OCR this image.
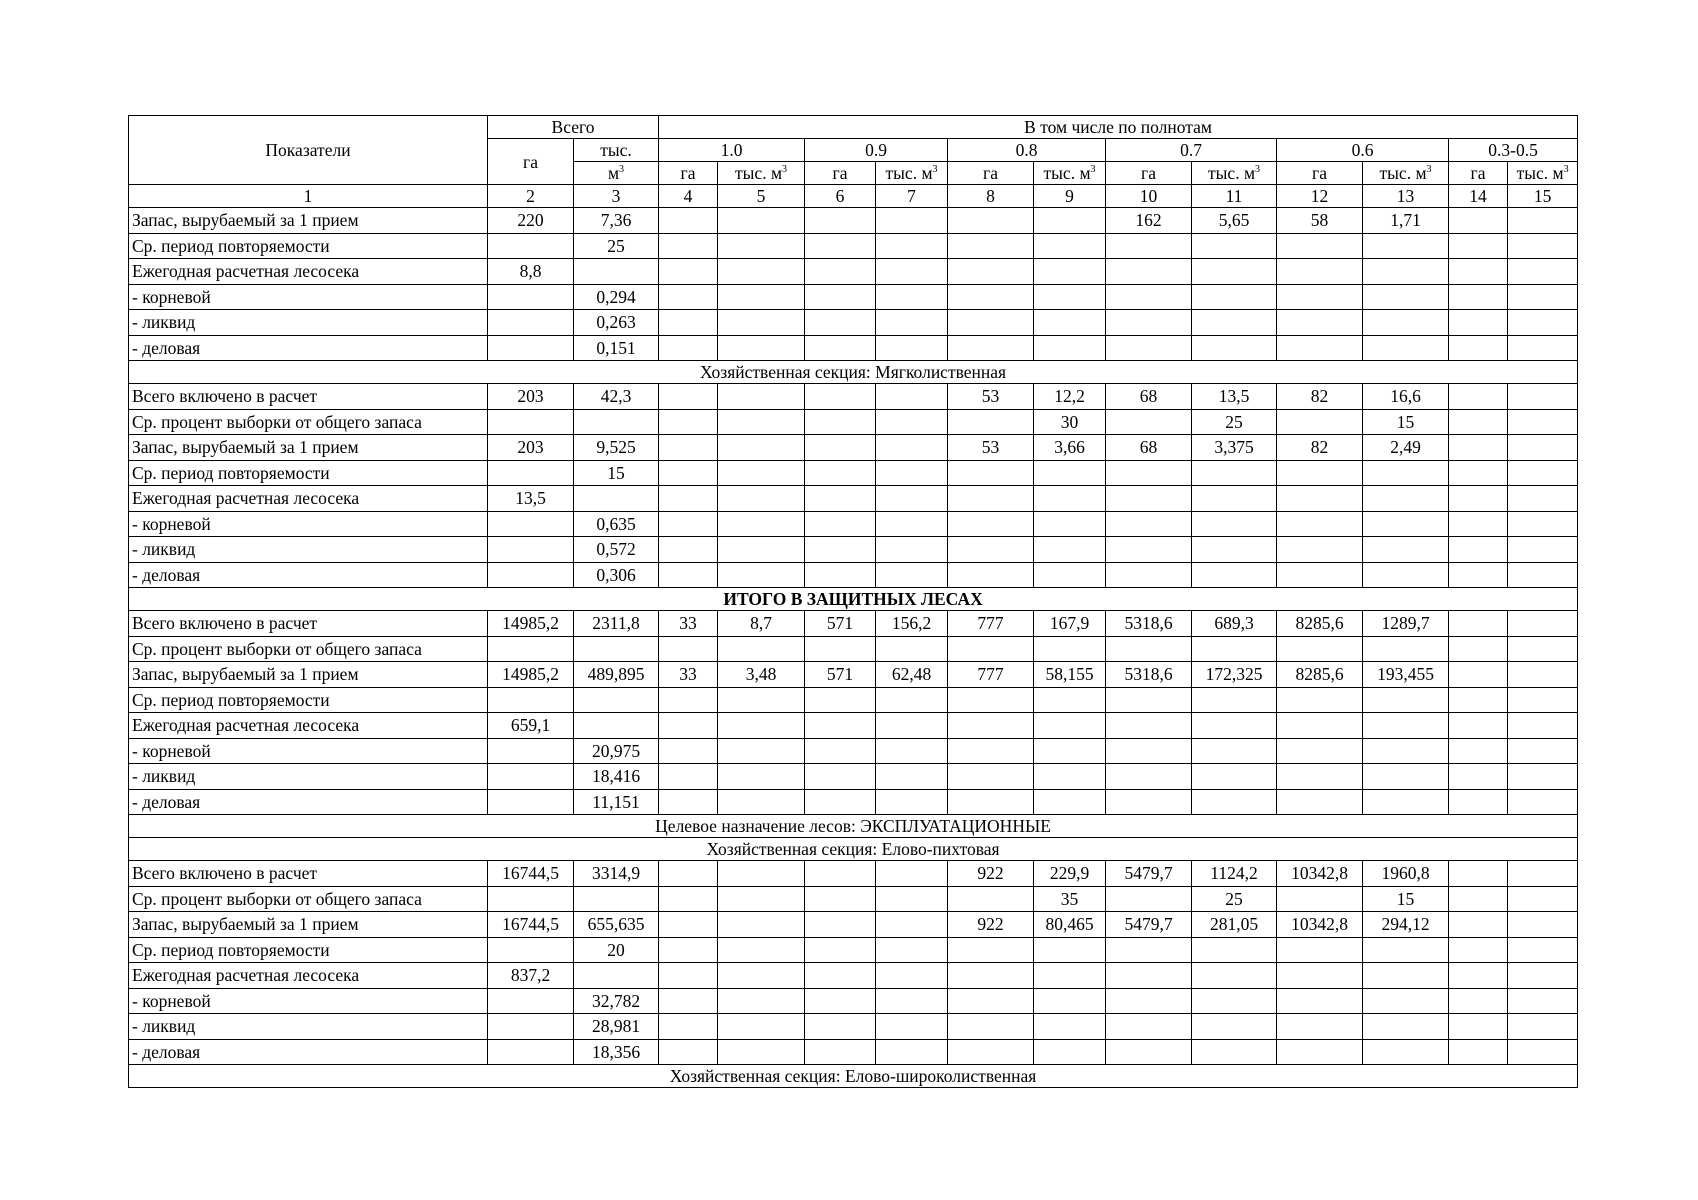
Показатели	Всего		В том числе по полнотам											
	га	тыс.	1.0		0.9		0.8		0.7		0.6		0.3-0.5	
		$м^3$	га	тыс. $м^3$	га	тыс. $м^3$	га	тыс. $м^3$	га	тыс. $м^3$	га	тыс. $м^3$	га	тыс. $м^3$
1	2	3	4	5	6	7	8	9	10	11	12	13	14	15
Запас, вырубаемый за 1 прием	220	7,36							162	5,65	58	1,71		
Ср. период повторяемости		25												
Ежегодная расчетная лесосека	8,8													
- корневой		0,294												
- ликвид		0,263												
- деловая		0,151												
Хозяйственная секция: Мягколиственная														
Всего включено в расчет	203	42,3					53	12,2	68	13,5	82	16,6		
Ср. процент выборки от общего запаса								30		25		15		
Запас, вырубаемый за 1 прием	203	9,525					53	3,66	68	3,375	82	2,49		
Ср. период повторяемости		15												
Ежегодная расчетная лесосека	13,5													
- корневой		0,635												
- ликвид		0,572												
- деловая		0,306												
ИТОГО В ЗАЩИТНЫХ ЛЕСАХ														
Всего включено в расчет	14985,2	2311,8	33	8,7	571	156,2	777	167,9	5318,6	689,3	8285,6	1289,7		
Ср. процент выборки от общего запаса														
Запас, вырубаемый за 1 прием	14985,2	489,895	33	3,48	571	62,48	777	58,155	5318,6	172,325	8285,6	193,455		
Ср. период повторяемости														
Ежегодная расчетная лесосека	659,1													
- корневой		20,975												
- ликвид		18,416												
- деловая		11,151												
Целевое назначение лесов: ЭКСПЛУАТАЦИОННЫЕ														
Хозяйственная секция: Елово-пихтовая														
Всего включено в расчет	16744,5	3314,9					922	229,9	5479,7	1124,2	10342,8	1960,8		
Ср. процент выборки от общего запаса								35		25		15		
Запас, вырубаемый за 1 прием	16744,5	655,635					922	80,465	5479,7	281,05	10342,8	294,12		
Ср. период повторяемости		20												
Ежегодная расчетная лесосека	837,2													
- корневой		32,782												
- ликвид		28,981												
- деловая		18,356												
Хозяйственная секция: Елово-широколиственная														
